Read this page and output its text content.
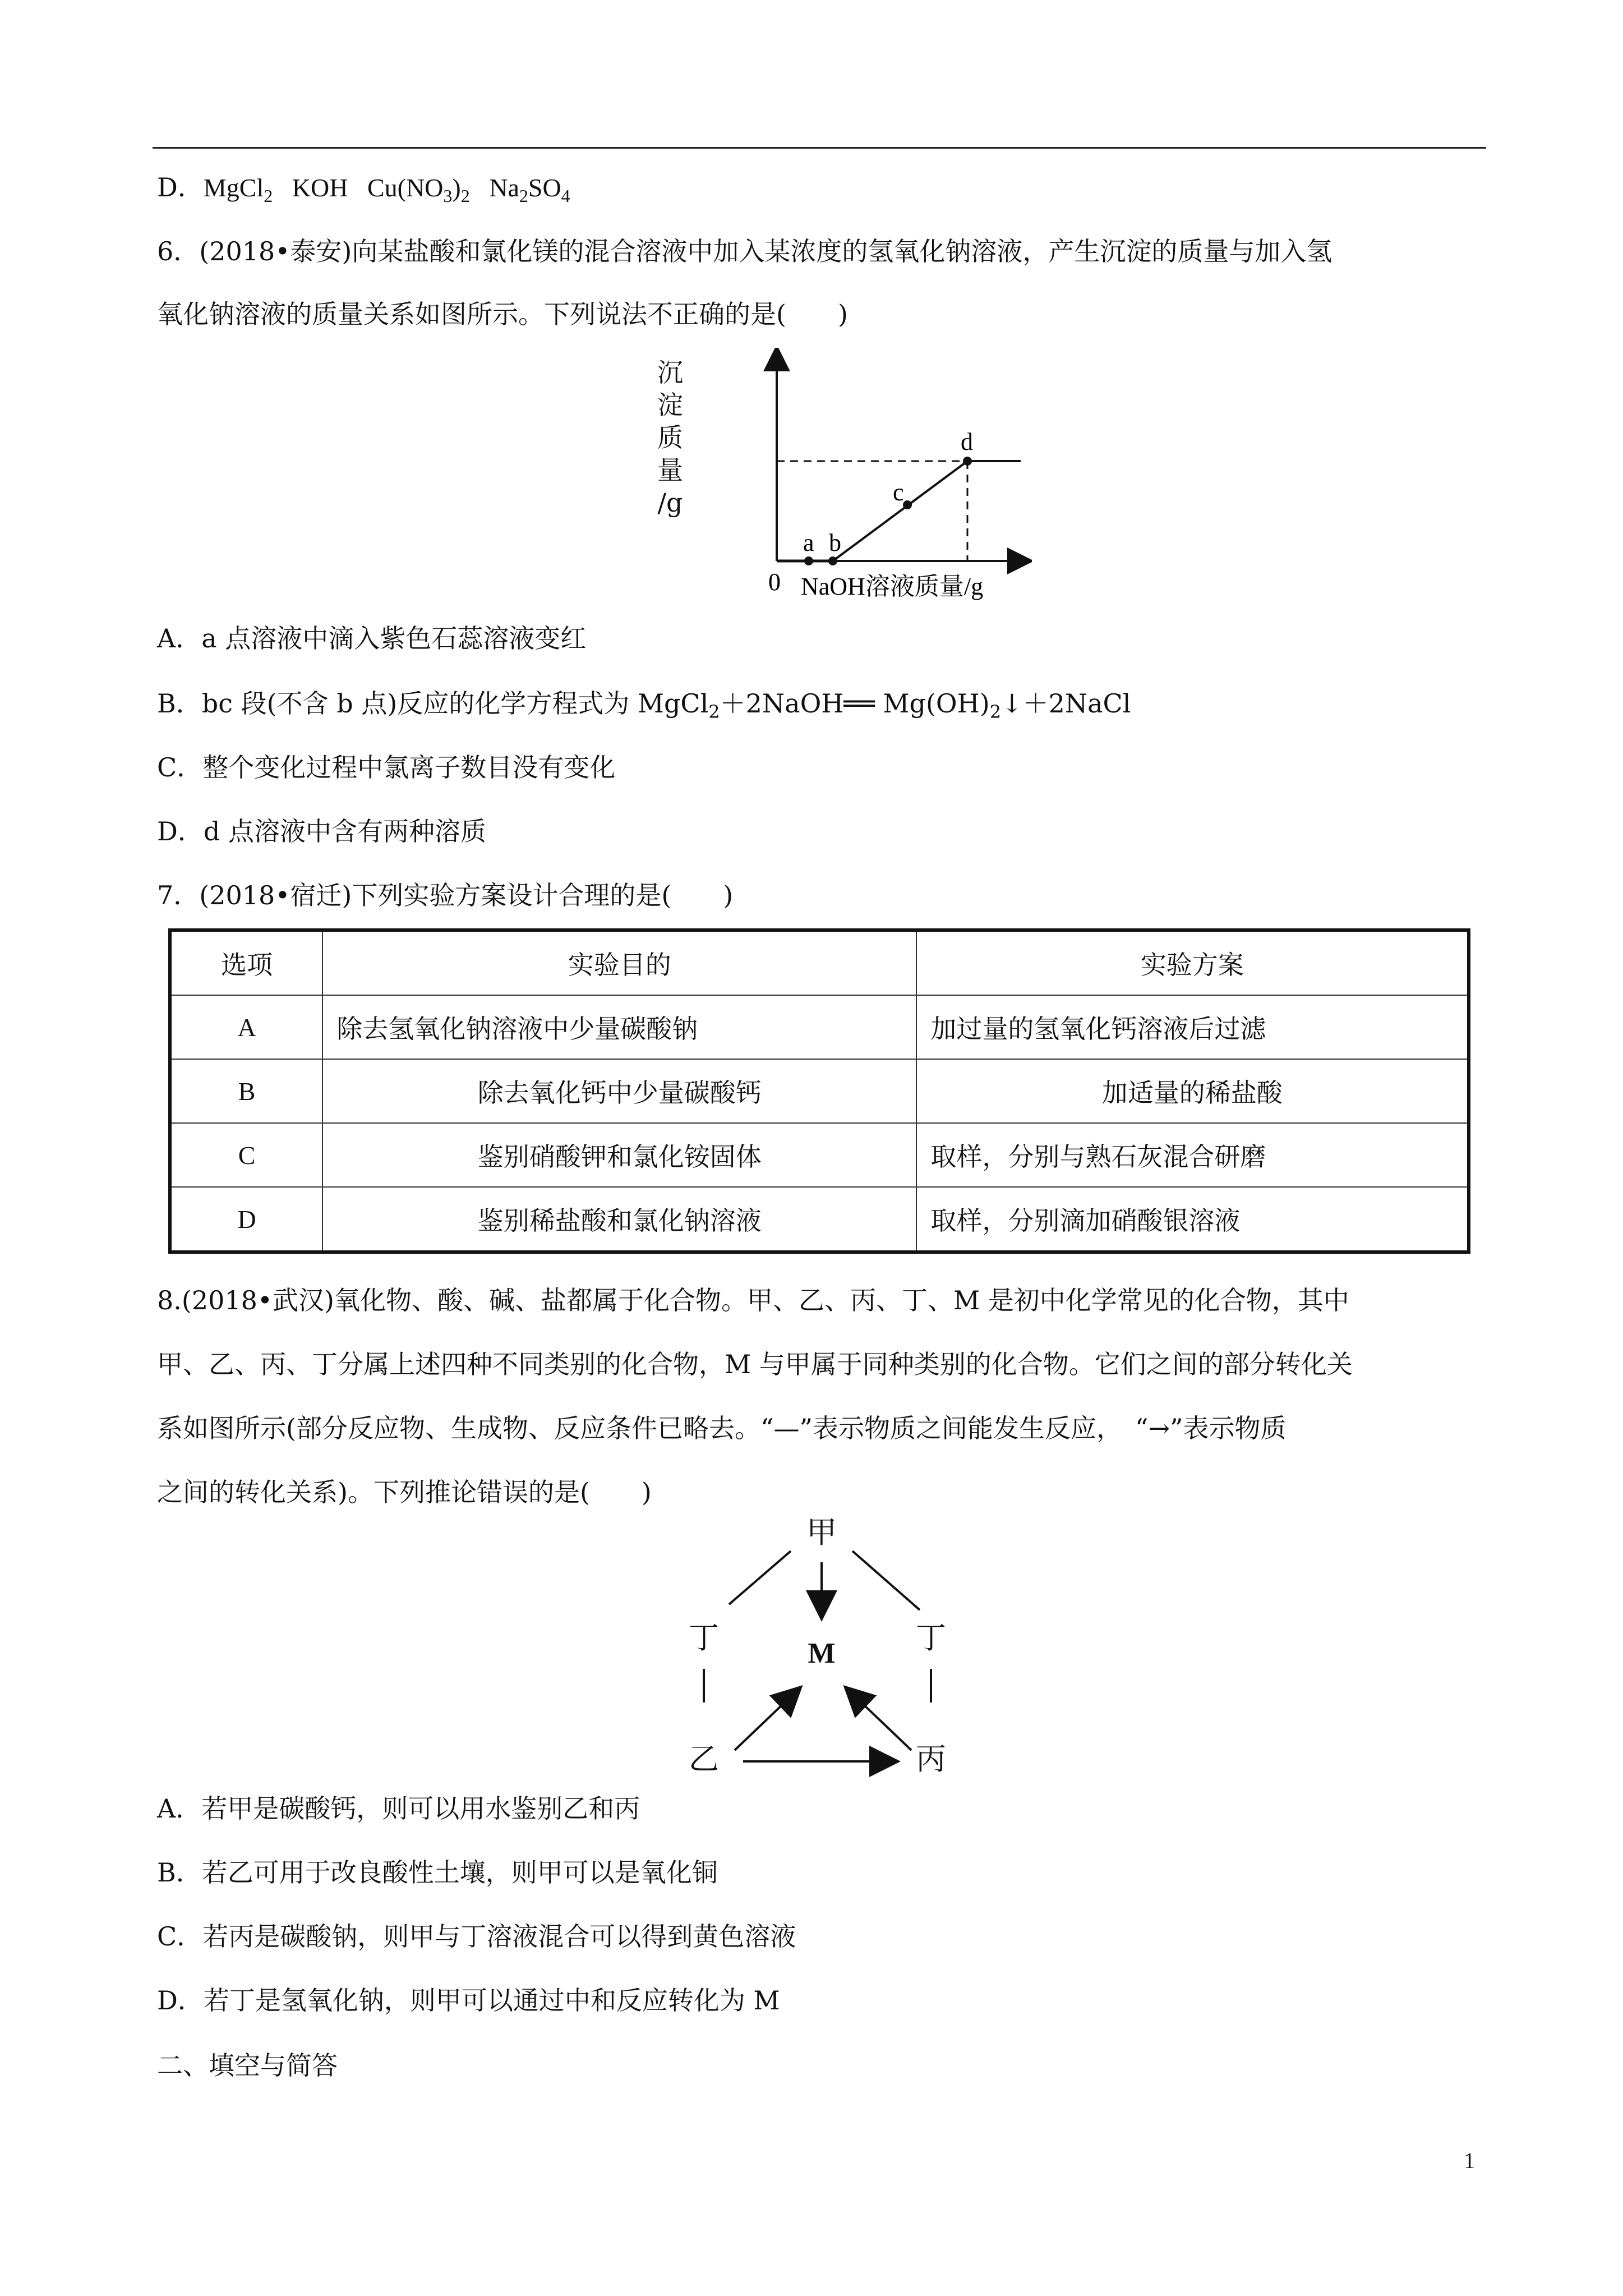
D．MgCl$_2$ KOH $Cu(NO_3)_2$ $Na_2SO_4$
6．(2018•泰安)向某盐酸和氯化镁的混合溶液中加入某浓度的氢氧化钠溶液，产生沉淀的质量与加入氢
氧化钠溶液的质量关系如图所示。下列说法不正确的是(　　)
沉
淀
质
量
/g
a b
c
d
0 NaOH溶液质量/g
A．a 点溶液中滴入紫色石蕊溶液变红
B．bc 段(不含 b 点)反应的化学方程式为 MgCl$_2$＋2NaOH══ $Mg(OH)_2↓+2NaCl$
C．整个变化过程中氯离子数目没有变化
D．d 点溶液中含有两种溶质
7．(2018•宿迁)下列实验方案设计合理的是(　　)
选项	实验目的	实验方案
A	除去氢氧化钠溶液中少量碳酸钠	加过量的氢氧化钙溶液后过滤
B	除去氧化钙中少量碳酸钙	加适量的稀盐酸
C	鉴别硝酸钾和氯化铵固体	取样，分别与熟石灰混合研磨
D	鉴别稀盐酸和氯化钠溶液	取样，分别滴加硝酸银溶液
8.(2018•武汉)氧化物、酸、碱、盐都属于化合物。甲、乙、丙、丁、M 是初中化学常见的化合物，其中
甲、乙、丙、丁分属上述四种不同类别的化合物，M 与甲属于同种类别的化合物。它们之间的部分转化关
系如图所示(部分反应物、生成物、反应条件已略去。“—”表示物质之间能发生反应，　“→”表示物质
之间的转化关系)。下列推论错误的是(　　)
甲
丁	丁
M
乙	丙
A．若甲是碳酸钙，则可以用水鉴别乙和丙
B．若乙可用于改良酸性土壤，则甲可以是氧化铜
C．若丙是碳酸钠，则甲与丁溶液混合可以得到黄色溶液
D．若丁是氢氧化钠，则甲可以通过中和反应转化为 M
二、填空与简答
1
